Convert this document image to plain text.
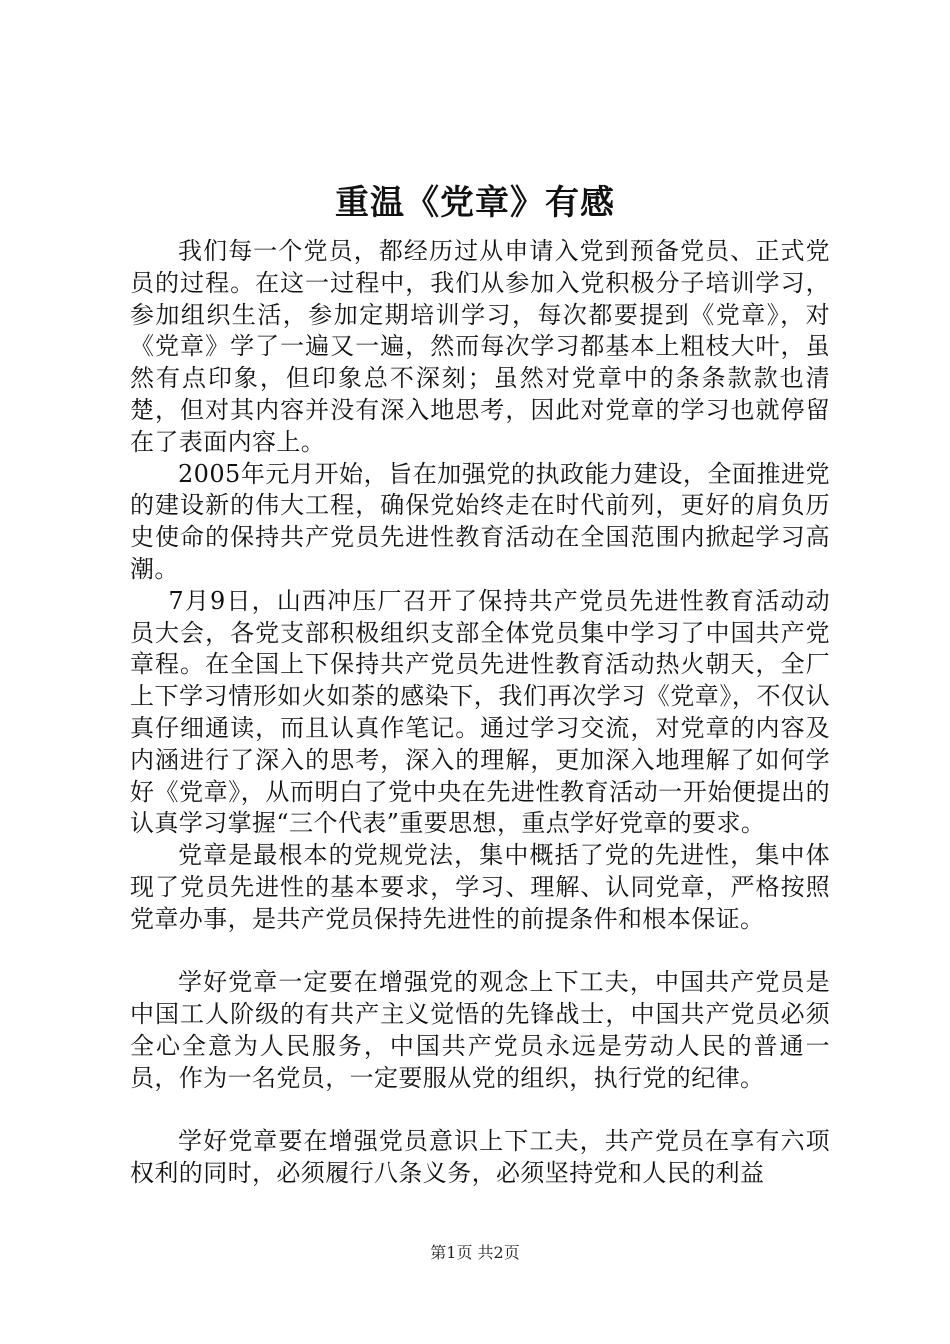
重温《党章》有感

我们每一个党员，都经历过从申请入党到预备党员、正式党员的过程。在这一过程中，我们从参加入党积极分子培训学习，参加组织生活，参加定期培训学习，每次都要提到《党章》，对《党章》学了一遍又一遍，然而每次学习都基本上粗枝大叶，虽然有点印象，但印象总不深刻；虽然对党章中的条条款款也清楚，但对其内容并没有深入地思考，因此对党章的学习也就停留在了表面内容上。

2005年元月开始，旨在加强党的执政能力建设，全面推进党的建设新的伟大工程，确保党始终走在时代前列，更好的肩负历史使命的保持共产党员先进性教育活动在全国范围内掀起学习高潮。

7月9日，山西冲压厂召开了保持共产党员先进性教育活动动员大会，各党支部积极组织支部全体党员集中学习了中国共产党章程。在全国上下保持共产党员先进性教育活动热火朝天，全厂上下学习情形如火如荼的感染下，我们再次学习《党章》，不仅认真仔细通读，而且认真作笔记。通过学习交流，对党章的内容及内涵进行了深入的思考，深入的理解，更加深入地理解了如何学好《党章》，从而明白了党中央在先进性教育活动一开始便提出的认真学习掌握“三个代表”重要思想，重点学好党章的要求。

党章是最根本的党规党法，集中概括了党的先进性，集中体现了党员先进性的基本要求，学习、理解、认同党章，严格按照党章办事，是共产党员保持先进性的前提条件和根本保证。

学好党章一定要在增强党的观念上下工夫，中国共产党员是中国工人阶级的有共产主义觉悟的先锋战士，中国共产党员必须全心全意为人民服务，中国共产党员永远是劳动人民的普通一员，作为一名党员，一定要服从党的组织，执行党的纪律。

学好党章要在增强党员意识上下工夫，共产党员在享有六项权利的同时，必须履行八条义务，必须坚持党和人民的利益

第1页 共2页
